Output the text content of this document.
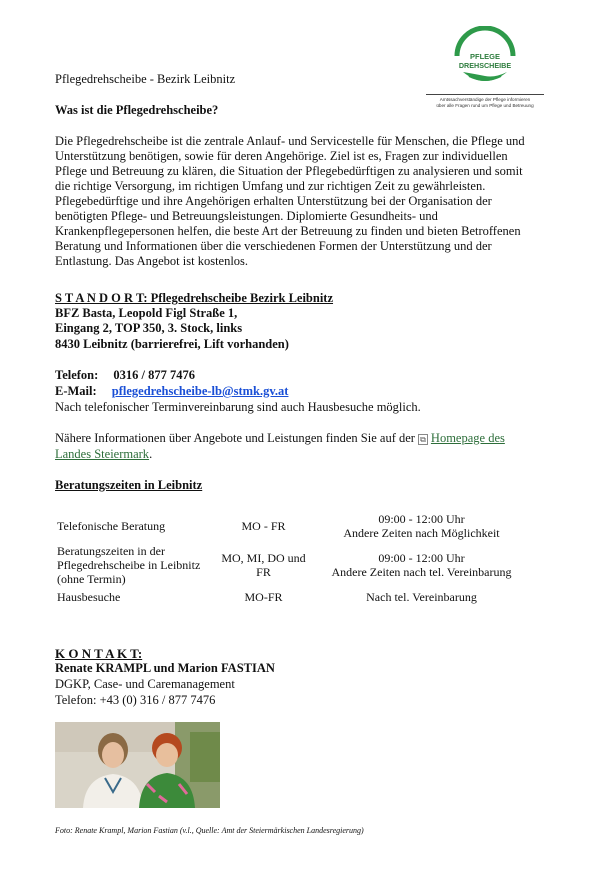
PFLEGE
DREHSCHEIBE
Amtssachverständige der Pflege informieren
über alle Fragen rund um Pflege und Betreuung
Pflegedrehscheibe - Bezirk Leibnitz
Was ist die Pflegedrehscheibe?
Die Pflegedrehscheibe ist die zentrale Anlauf- und Servicestelle für Menschen, die Pflege und
Unterstützung benötigen, sowie für deren Angehörige. Ziel ist es, Fragen zur individuellen
Pflege und Betreuung zu klären, die Situation der Pflegebedürftigen zu analysieren und somit
die richtige Versorgung, im richtigen Umfang und zur richtigen Zeit zu gewährleisten.
Pflegebedürftige und ihre Angehörigen erhalten Unterstützung bei der Organisation der
benötigten Pflege- und Betreuungsleistungen. Diplomierte Gesundheits- und
Krankenpflegepersonen helfen, die beste Art der Betreuung zu finden und bieten Betroffenen
Beratung und Informationen über die verschiedenen Formen der Unterstützung und der
Entlastung. Das Angebot ist kostenlos.
S T A N D O R T: Pflegedrehscheibe Bezirk Leibnitz
BFZ Basta, Leopold Figl Straße 1,
Eingang 2, TOP 350, 3. Stock, links
8430 Leibnitz (barrierefrei, Lift vorhanden)
Telefon: 0316 / 877 7476
E-Mail: pflegedrehscheibe-lb@stmk.gv.at
Nach telefonischer Terminvereinbarung sind auch Hausbesuche möglich.
Nähere Informationen über Angebote und Leistungen finden Sie auf der ⧉ Homepage des
Landes Steiermark.
Beratungszeiten in Leibnitz
Telefonische Beratung	MO - FR	09:00 - 12:00 Uhr
Andere Zeiten nach Möglichkeit

Beratungszeiten in der Pflegedrehscheibe in Leibnitz (ohne Termin)	MO, MI, DO und FR	09:00 - 12:00 Uhr
Andere Zeiten nach tel. Vereinbarung

Hausbesuche	MO-FR	Nach tel. Vereinbarung
K O N T A K T:
Renate KRAMPL und Marion FASTIAN
DGKP, Case- und Caremanagement
Telefon: +43 (0) 316 / 877 7476
Foto: Renate Krampl, Marion Fastian (v.l., Quelle: Amt der Steiermärkischen Landesregierung)
